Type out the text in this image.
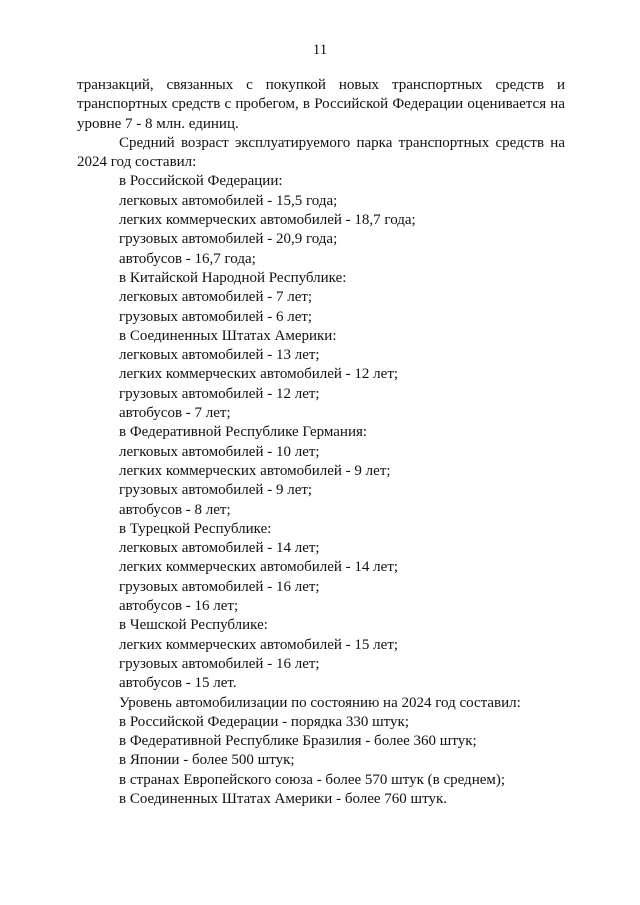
11

транзакций, связанных с покупкой новых транспортных средств и транспортных средств с пробегом, в Российской Федерации оценивается на уровне 7 - 8 млн. единиц.

Средний возраст эксплуатируемого парка транспортных средств на 2024 год составил:

в Российской Федерации:
легковых автомобилей - 15,5 года;
легких коммерческих автомобилей - 18,7 года;
грузовых автомобилей - 20,9 года;
автобусов - 16,7 года;
в Китайской Народной Республике:
легковых автомобилей - 7 лет;
грузовых автомобилей - 6 лет;
в Соединенных Штатах Америки:
легковых автомобилей - 13 лет;
легких коммерческих автомобилей - 12 лет;
грузовых автомобилей - 12 лет;
автобусов - 7 лет;
в Федеративной Республике Германия:
легковых автомобилей - 10 лет;
легких коммерческих автомобилей - 9 лет;
грузовых автомобилей - 9 лет;
автобусов - 8 лет;
в Турецкой Республике:
легковых автомобилей - 14 лет;
легких коммерческих автомобилей - 14 лет;
грузовых автомобилей - 16 лет;
автобусов - 16 лет;
в Чешской Республике:
легких коммерческих автомобилей - 15 лет;
грузовых автомобилей - 16 лет;
автобусов - 15 лет.
Уровень автомобилизации по состоянию на 2024 год составил:
в Российской Федерации - порядка 330 штук;
в Федеративной Республике Бразилия - более 360 штук;
в Японии - более 500 штук;
в странах Европейского союза - более 570 штук (в среднем);
в Соединенных Штатах Америки - более 760 штук.
